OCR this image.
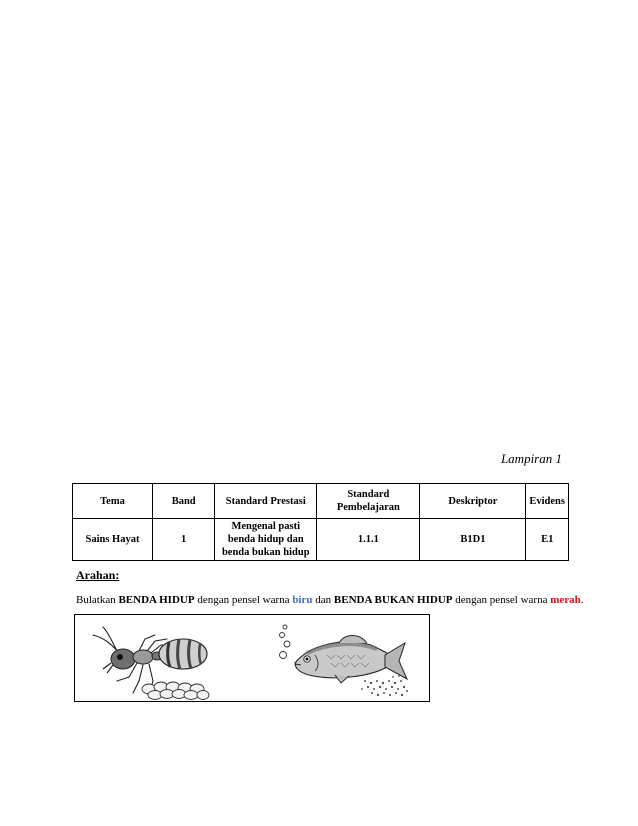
Lampiran 1
Tema	Band	Standard Prestasi	Standard Pembelajaran	Deskriptor	Evidens
Sains Hayat	1	Mengenal pasti benda hidup dan benda bukan hidup	1.1.1	B1D1	E1
Arahan:
Bulatkan BENDA HIDUP dengan pensel warna biru dan BENDA BUKAN HIDUP dengan pensel warna merah.
